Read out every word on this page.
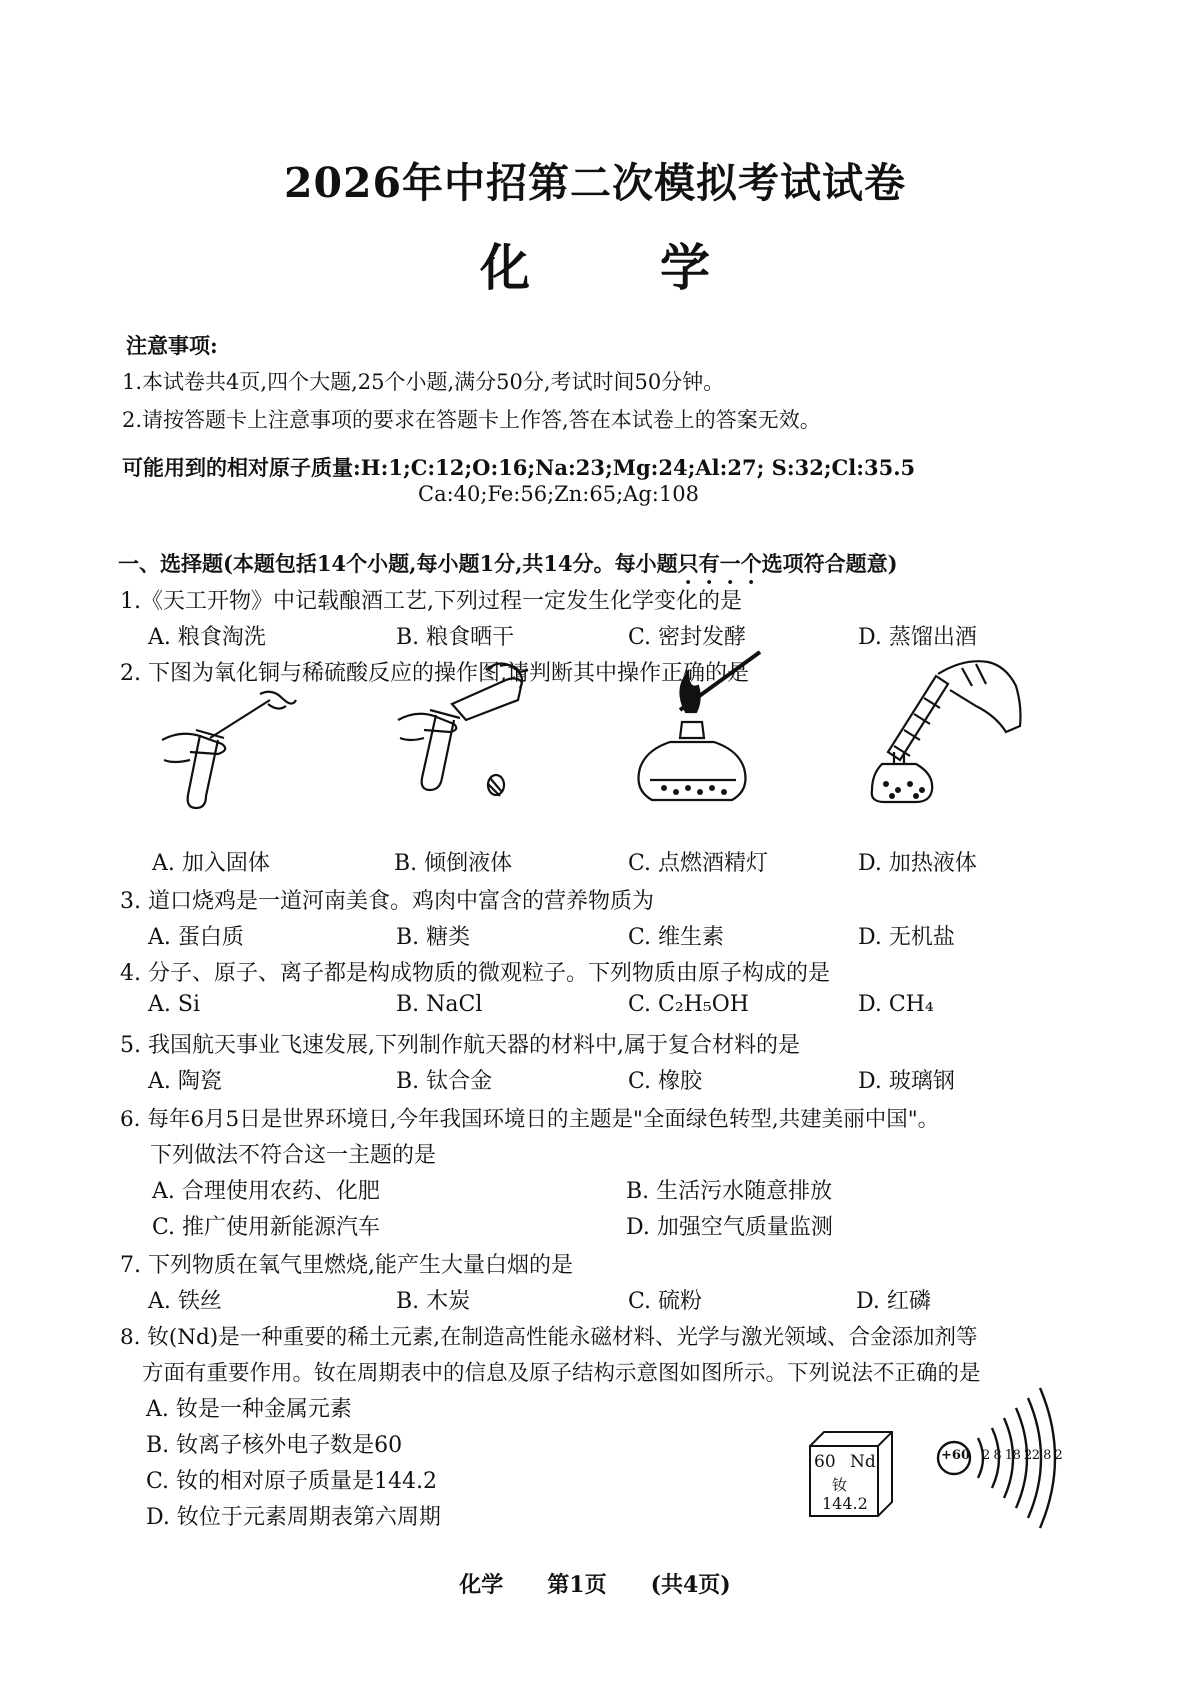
2026年中招第二次模拟考试试卷
化学
注意事项:
1.本试卷共4页,四个大题,25个小题,满分50分,考试时间50分钟。
2.请按答题卡上注意事项的要求在答题卡上作答,答在本试卷上的答案无效。
可能用到的相对原子质量:H:1;C:12;O:16;Na:23;Mg:24;Al:27; S:32;Cl:35.5
Ca:40;Fe:56;Zn:65;Ag:108
一、选择题(本题包括14个小题,每小题1分,共14分。每小题只有一个选项符合题意)
1.《天工开物》中记载酿酒工艺,下列过程一定发生化学变化的是
A. 粮食淘洗	B. 粮食晒干	C. 密封发酵	D. 蒸馏出酒
2. 下图为氧化铜与稀硫酸反应的操作图,请判断其中操作正确的是
A. 加入固体	B. 倾倒液体	C. 点燃酒精灯	D. 加热液体
3. 道口烧鸡是一道河南美食。鸡肉中富含的营养物质为
A. 蛋白质	B. 糖类	C. 维生素	D. 无机盐
4. 分子、原子、离子都是构成物质的微观粒子。下列物质由原子构成的是
A. Si	B. NaCl	C. C₂H₅OH	D. CH₄
5. 我国航天事业飞速发展,下列制作航天器的材料中,属于复合材料的是
A. 陶瓷	B. 钛合金	C. 橡胶	D. 玻璃钢
6. 每年6月5日是世界环境日,今年我国环境日的主题是"全面绿色转型,共建美丽中国"。
下列做法不符合这一主题的是
A. 合理使用农药、化肥	B. 生活污水随意排放
C. 推广使用新能源汽车	D. 加强空气质量监测
7. 下列物质在氧气里燃烧,能产生大量白烟的是
A. 铁丝	B. 木炭	C. 硫粉	D. 红磷
8. 钕(Nd)是一种重要的稀土元素,在制造高性能永磁材料、光学与激光领域、合金添加剂等
方面有重要作用。钕在周期表中的信息及原子结构示意图如图所示。下列说法不正确的是
A. 钕是一种金属元素
B. 钕离子核外电子数是60
C. 钕的相对原子质量是144.2
D. 钕位于元素周期表第六周期
60 Nd
钕
144.2
+60 2 8 18 22 8 2
化学 第1页 (共4页)
